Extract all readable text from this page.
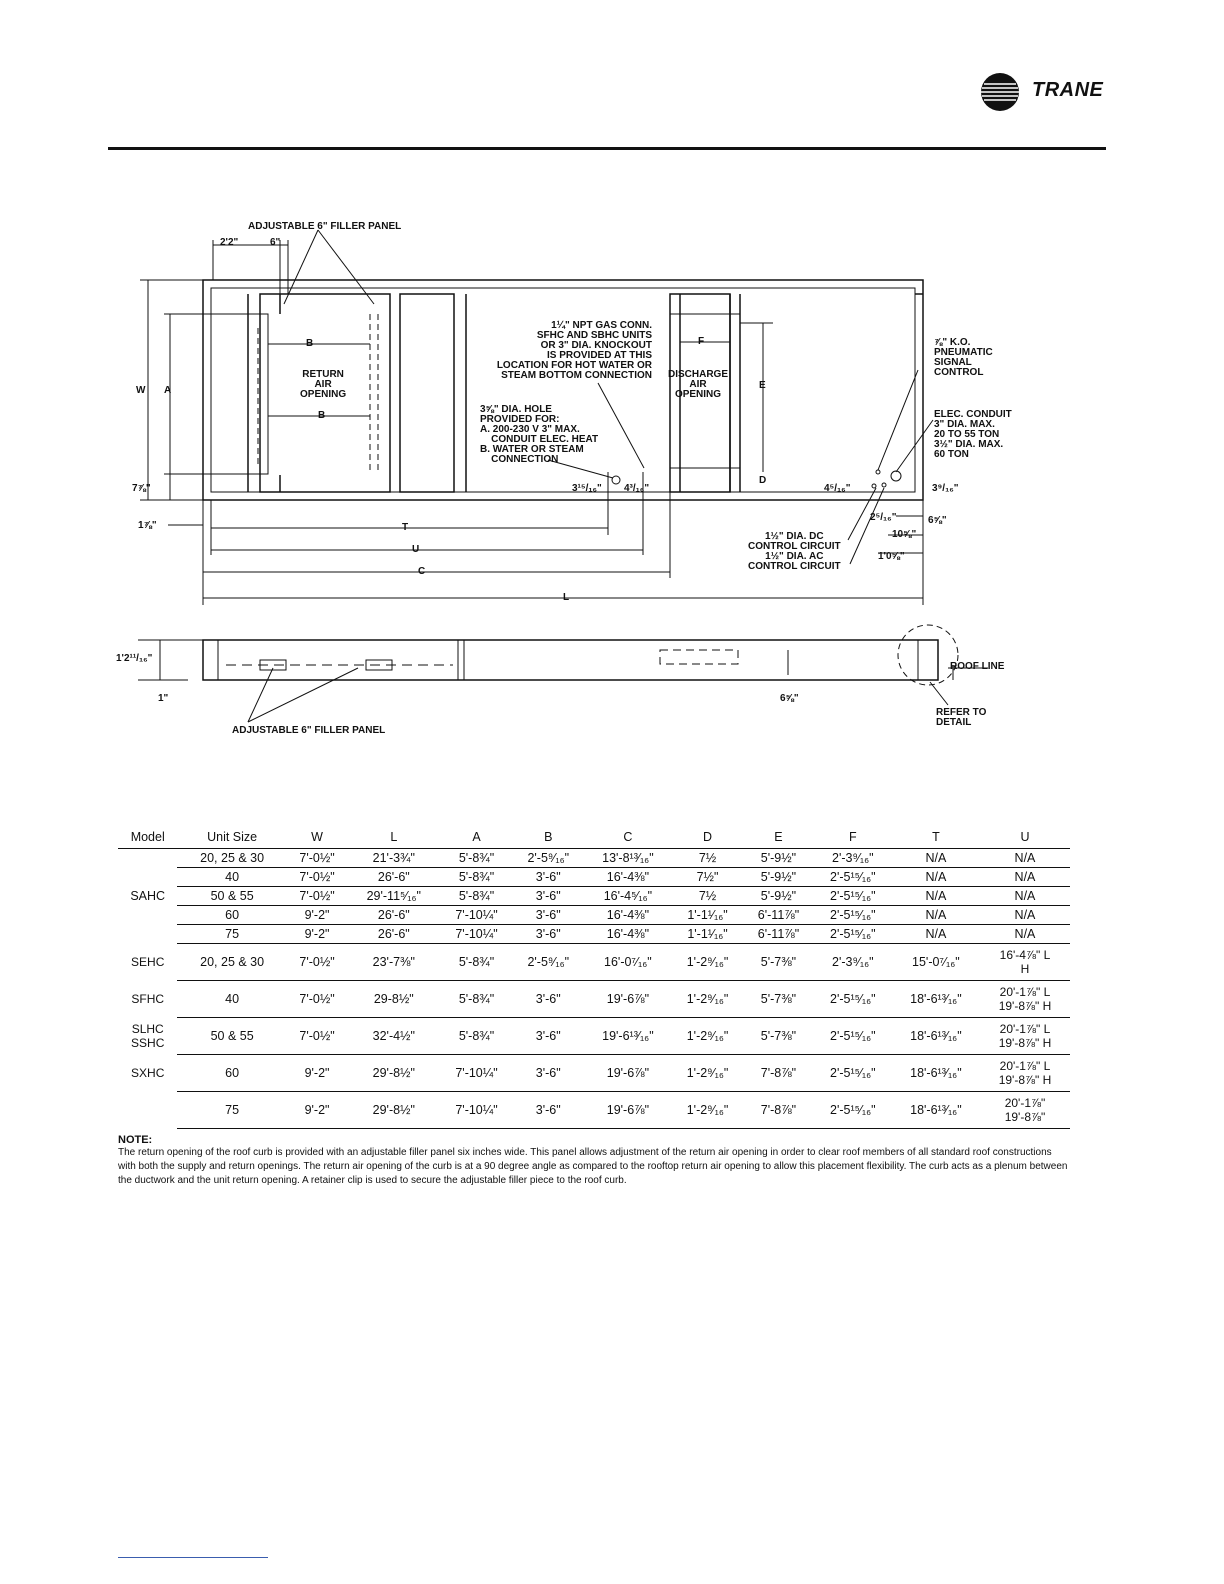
TRANE
ADJUSTABLE 6" FILLER PANEL
2'2"	6"
W A
B
B
RETURN
AIR
OPENING
DISCHARGE
AIR
OPENING
F
E
D
1¼" NPT GAS CONN.
SFHC AND SBHC UNITS
OR 3" DIA. KNOCKOUT
IS PROVIDED AT THIS
LOCATION FOR HOT WATER OR
STEAM BOTTOM CONNECTION
3⅝" DIA. HOLE
PROVIDED FOR:
A. 200-230 V 3" MAX.
CONDUIT ELEC. HEAT
B. WATER OR STEAM
CONNECTION
⅞" K.O.
PNEUMATIC
SIGNAL
CONTROL
ELEC. CONDUIT
3" DIA. MAX.
20 TO 55 TON
3½" DIA. MAX.
60 TON
7⅞"
1⅞"
3¹⁵/₁₆" 4³/₁₆"	4⁵/₁₆"	3⁹/₁₆"
2⁵/₁₆"	6⅝"
10⅝"
1'0⅝"
1½" DIA. DC
CONTROL CIRCUIT
1½" DIA. AC
CONTROL CIRCUIT
T
U
C
L
1'2¹¹/₁₆"
1"	6⅝"
ROOF LINE
REFER TO
DETAIL
ADJUSTABLE 6" FILLER PANEL
Model	Unit Size	W	L	A	B	C	D	E	F	T	U
SAHC	20, 25 & 30	7'-0½"	21'-3¾"	5'-8¾"	2'-5⁹⁄₁₆"	13'-8¹³⁄₁₆"	7½	5'-9½"	2'-3⁹⁄₁₆"	N/A	N/A
	40	7'-0½"	26'-6"	5'-8¾"	3'-6"	16'-4⅜"	7½"	5'-9½"	2'-5¹⁵⁄₁₆"	N/A	N/A
	50 & 55	7'-0½"	29'-11⁵⁄₁₆"	5'-8¾"	3'-6"	16'-4⁵⁄₁₆"	7½	5'-9½"	2'-5¹⁵⁄₁₆"	N/A	N/A
	60	9'-2"	26'-6"	7'-10¼"	3'-6"	16'-4⅜"	1'-1¹⁄₁₆"	6'-11⅞"	2'-5¹⁵⁄₁₆"	N/A	N/A
	75	9'-2"	26'-6"	7'-10¼"	3'-6"	16'-4⅜"	1'-1¹⁄₁₆"	6'-11⅞"	2'-5¹⁵⁄₁₆"	N/A	N/A

SEHC	20, 25 & 30	7'-0½"	23'-7⅜"	5'-8¾"	2'-5⁹⁄₁₆"	16'-0⁷⁄₁₆"	1'-2⁹⁄₁₆"	5'-7⅜"	2'-3⁹⁄₁₆"	15'-0⁷⁄₁₆"	16'-4⅞" L
H

SFHC	40	7'-0½"	29-8½"	5'-8¾"	3'-6"	19'-6⅞"	1'-2⁹⁄₁₆"	5'-7⅜"	2'-5¹⁵⁄₁₆"	18'-6¹³⁄₁₆"	20'-1⅞" L
19'-8⅞" H

SLHC
SSHC	50 & 55	7'-0½"	32'-4½"	5'-8¾"	3'-6"	19'-6¹³⁄₁₆"	1'-2⁹⁄₁₆"	5'-7⅜"	2'-5¹⁵⁄₁₆"	18'-6¹³⁄₁₆"	20'-1⅞" L
19'-8⅞" H

SXHC	60	9'-2"	29'-8½"	7'-10¼"	3'-6"	19'-6⅞"	1'-2⁹⁄₁₆"	7'-8⅞"	2'-5¹⁵⁄₁₆"	18'-6¹³⁄₁₆"	20'-1⅞" L
19'-8⅞" H

	75	9'-2"	29'-8½"	7'-10¼"	3'-6"	19'-6⅞"	1'-2⁹⁄₁₆"	7'-8⅞"	2'-5¹⁵⁄₁₆"	18'-6¹³⁄₁₆"	20'-1⅞"
19'-8⅞"
NOTE:
The return opening of the roof curb is provided with an adjustable filler panel six inches wide. This panel allows adjustment of the return air opening in order to clear roof members of all standard roof constructions with both the supply and return openings. The return air opening of the curb is at a 90 degree angle as compared to the rooftop return air opening to allow this placement flexibility. The curb acts as a plenum between the ductwork and the unit return opening. A retainer clip is used to secure the adjustable filler piece to the roof curb.
